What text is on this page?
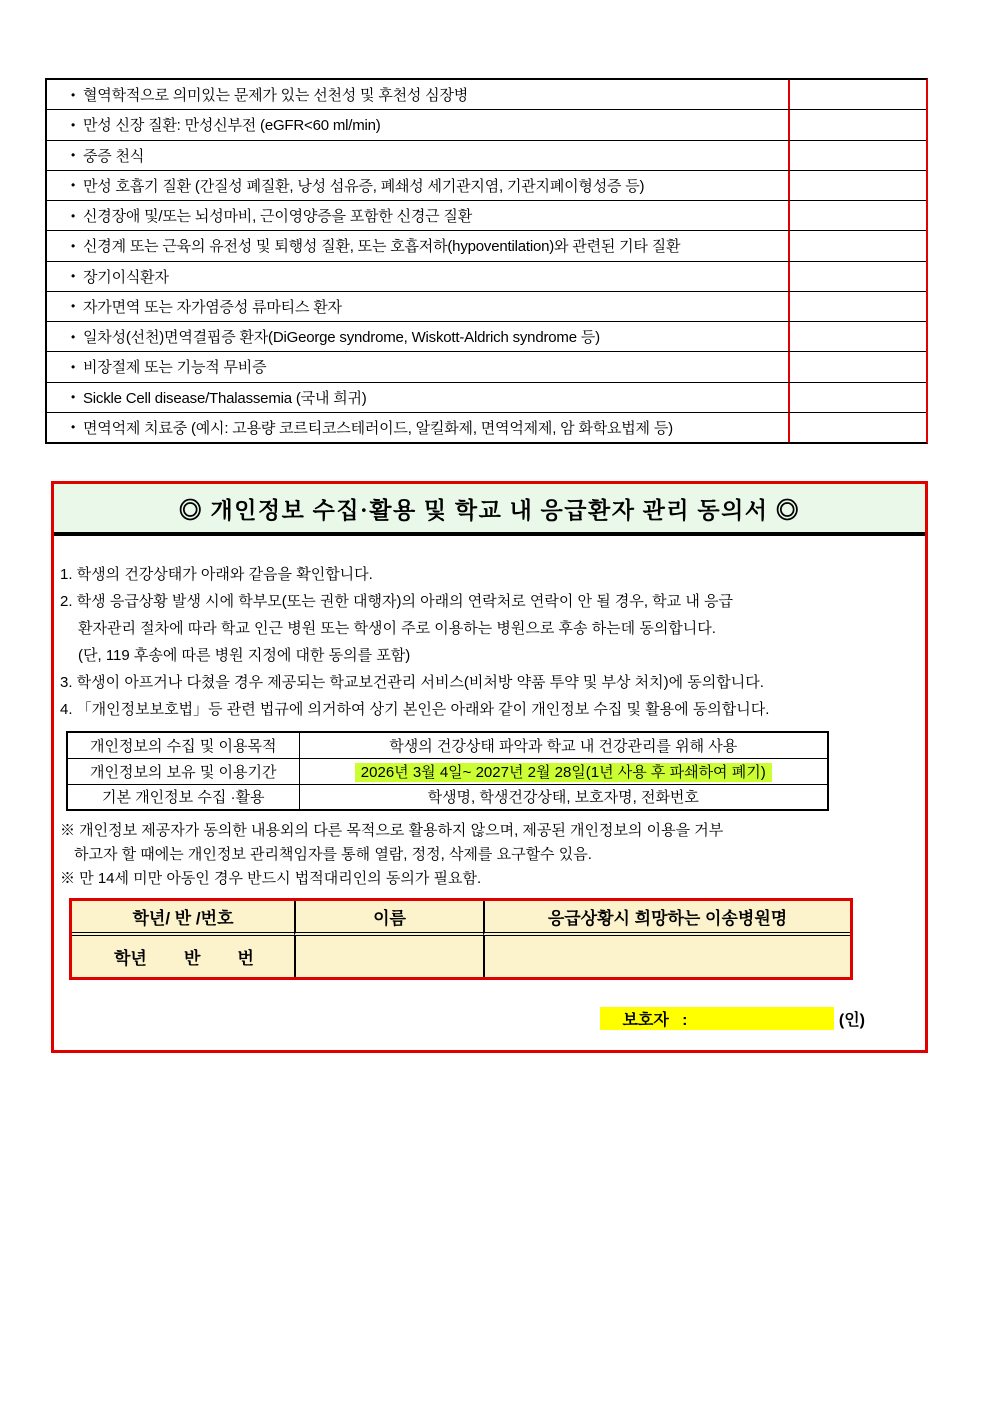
• 혈역학적으로 의미있는 문제가 있는 선천성 및 후천성 심장병
• 만성 신장 질환: 만성신부전 (eGFR<60 ml/min)
• 중증 천식
• 만성 호흡기 질환 (간질성 폐질환, 낭성 섬유증, 폐쇄성 세기관지염, 기관지폐이형성증 등)
• 신경장애 및/또는 뇌성마비, 근이영양증을 포함한 신경근 질환
• 신경계 또는 근육의 유전성 및 퇴행성 질환, 또는 호흡저하(hypoventilation)와 관련된 기타 질환
• 장기이식환자
• 자가면역 또는 자가염증성 류마티스 환자
• 일차성(선천)면역결핍증 환자(DiGeorge syndrome, Wiskott-Aldrich syndrome 등)
• 비장절제 또는 기능적 무비증
• Sickle Cell disease/Thalassemia (국내 희귀)
• 면역억제 치료중 (예시: 고용량 코르티코스테러이드, 알킬화제, 면역억제제, 암 화학요법제 등)
◎ 개인정보 수집·활용 및 학교 내 응급환자 관리 동의서 ◎
1. 학생의 건강상태가 아래와 같음을 확인합니다.
2. 학생 응급상황 발생 시에 학부모(또는 권한 대행자)의 아래의 연락처로 연락이 안 될 경우, 학교 내 응급
환자관리 절차에 따라 학교 인근 병원 또는 학생이 주로 이용하는 병원으로 후송 하는데 동의합니다.
(단, 119 후송에 따른 병원 지정에 대한 동의를 포함)
3. 학생이 아프거나 다쳤을 경우 제공되는 학교보건관리 서비스(비처방 약품 투약 및 부상 처치)에 동의합니다.
4. 「개인정보보호법」등 관련 법규에 의거하여 상기 본인은 아래와 같이 개인정보 수집 및 활용에 동의합니다.
개인정보의 수집 및 이용목적	학생의 건강상태 파악과 학교 내 건강관리를 위해 사용
개인정보의 보유 및 이용기간	2026년 3월 4일~ 2027년 2월 28일(1년 사용 후 파쇄하여 폐기)
기본 개인정보 수집 ·활용	학생명, 학생건강상태, 보호자명, 전화번호
※ 개인정보 제공자가 동의한 내용외의 다른 목적으로 활용하지 않으며, 제공된 개인정보의 이용을 거부
하고자 할 때에는 개인정보 관리책임자를 통해 열람, 정정, 삭제를 요구할수 있음.
※ 만 14세 미만 아동인 경우 반드시 법적대리인의 동의가 필요함.
학년/ 반 /번호	이름	응급상황시 희망하는 이송병원명
학년 반 번
보호자   :	(인)
